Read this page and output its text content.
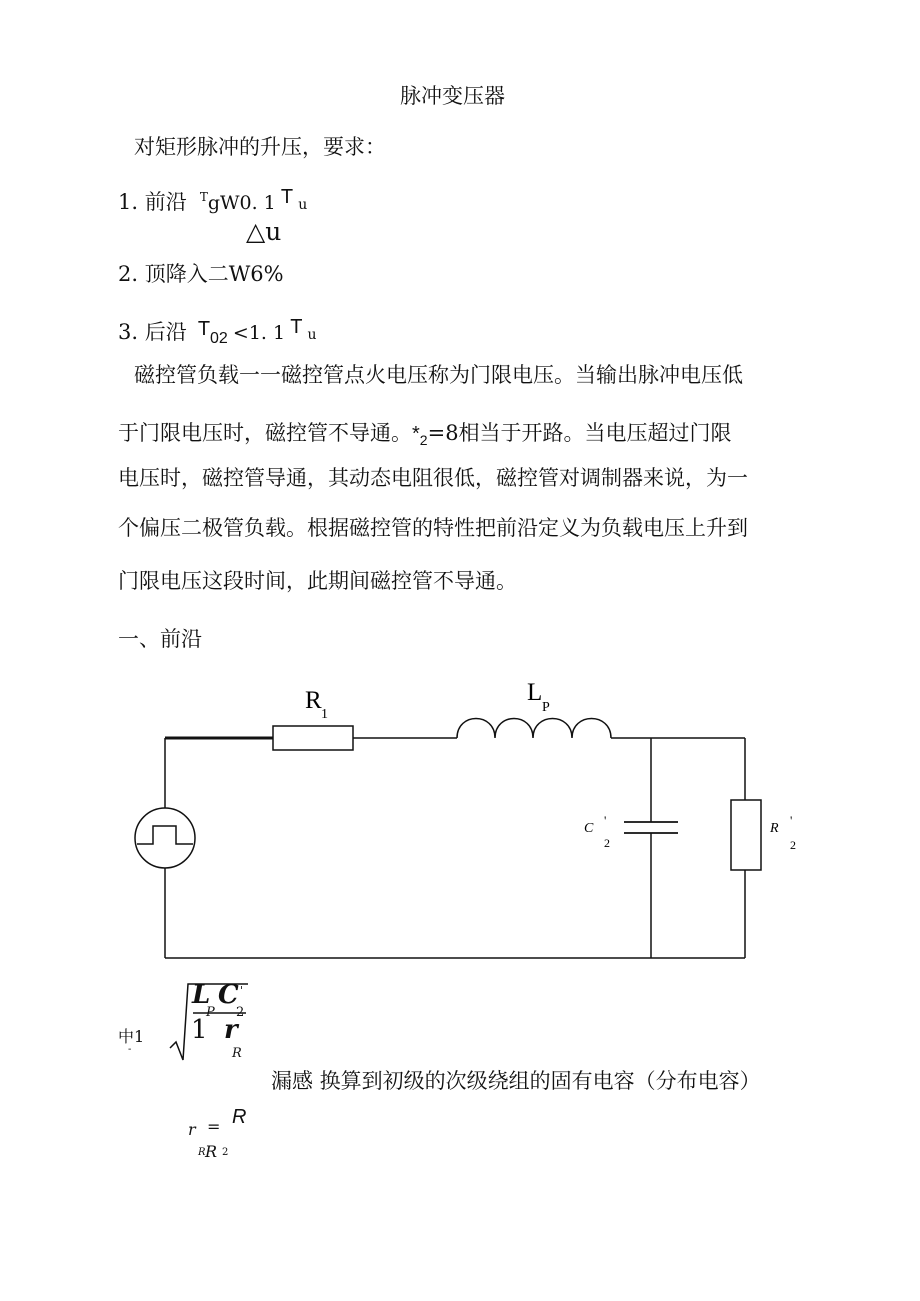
脉冲变压器
对矩形脉冲的升压，要求：
1. 前沿 $^T$gW0. 1 T u
△u
2. 顶降入二W6%
3. 后沿 T02 <1. 1 T u
磁控管负载一一磁控管点火电压称为门限电压。当输出脉冲电压低
于门限电压时，磁控管不导通。$*_2=8$相当于开路。当电压超过门限
电压时，磁控管导通，其动态电阻很低，磁控管对调制器来说，为一
个偏压二极管负载。根据磁控管的特性把前沿定义为负载电压上升到
门限电压这段时间，此期间磁控管不导通。
一、前沿
R
1
L
P
C
'
2
R
'
2
中1
-
L C '
P 2
1 r
R
漏感 换算到初级的次级绕组的固有电容（分布电容）
r = R
R R 2
